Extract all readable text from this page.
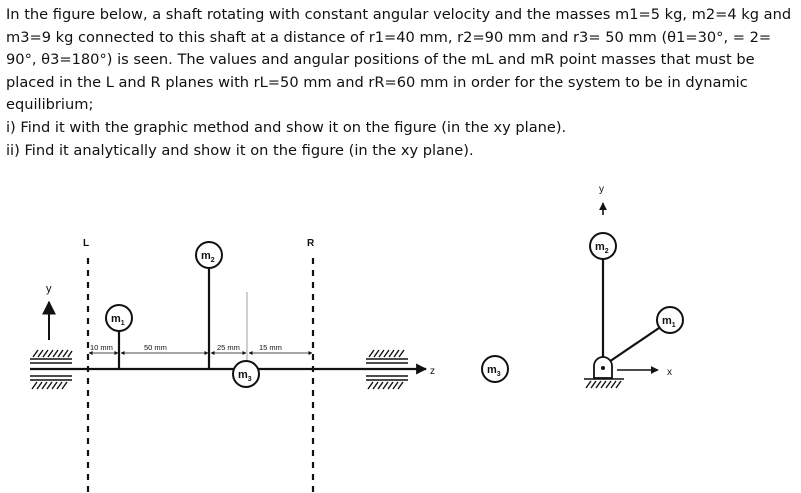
In the figure below, a shaft rotating with constant angular velocity and the masses m1=5 kg, m2=4 kg and m3=9 kg connected to this shaft at a distance of r1=40 mm, r2=90 mm and r3= 50 mm (θ1=30°, = 2= 90°, θ3=180°) is seen. The values and angular positions of the mL and mR point masses that must be placed in the L and R planes with rL=50 mm and rR=60 mm in order for the system to be in dynamic equilibrium;

i) Find it with the graphic method and show it on the figure (in the xy plane).

ii) Find it analytically and show it on the figure (in the xy plane).

y
z
L	R
$m_1$
$m_2$
$m_3$
10 mm	50 mm	25 mm	15 mm
y
$m_2$
$m_1$
x
$m_3$
